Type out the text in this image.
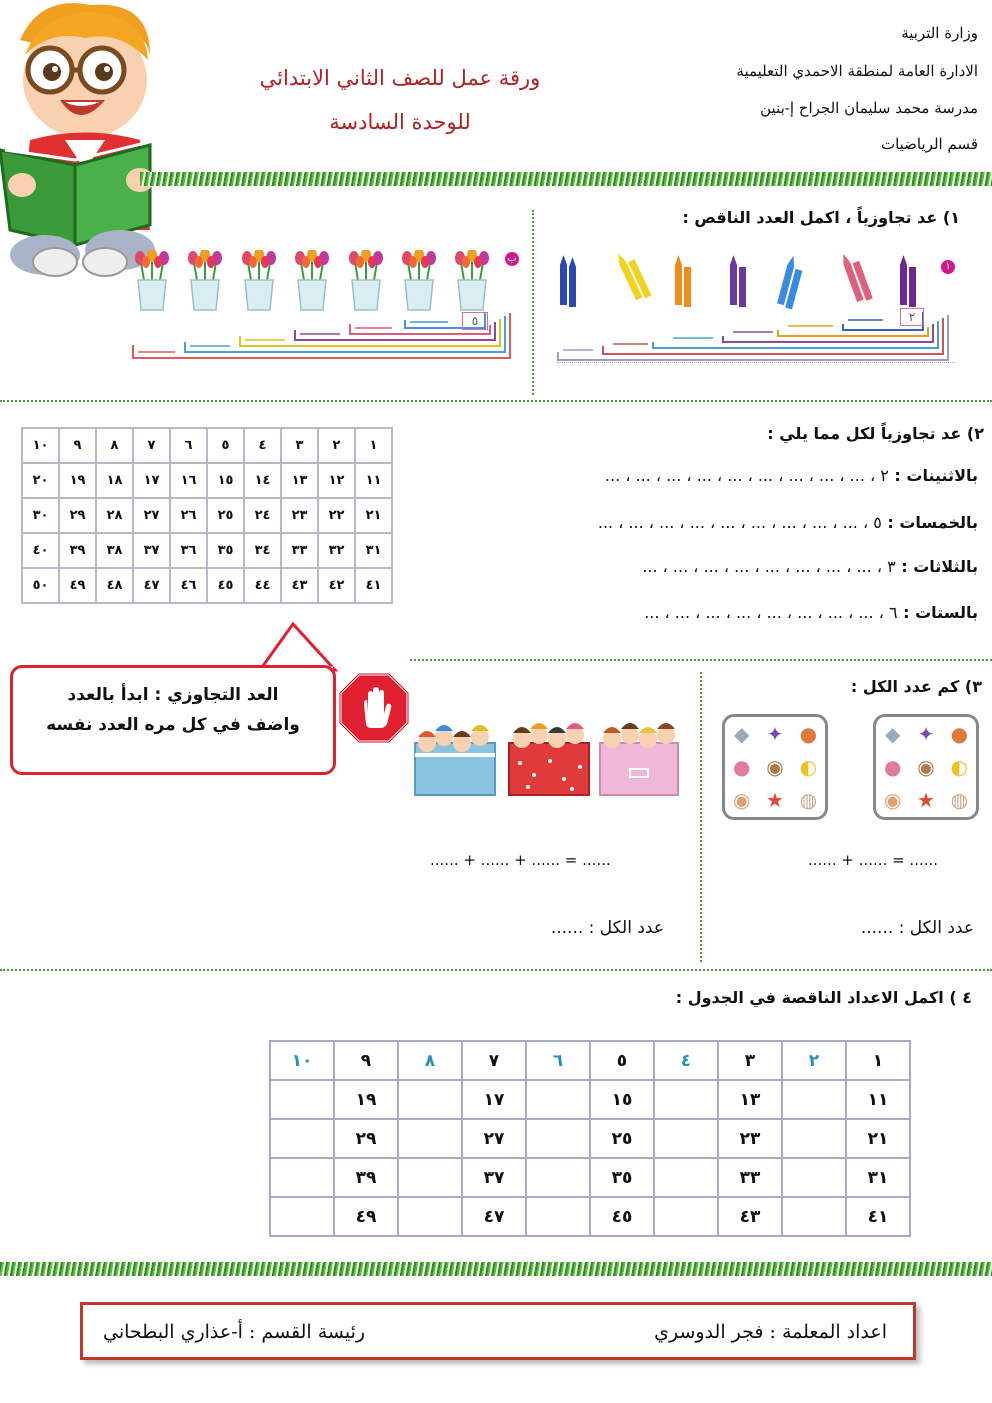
وزارة التربية
الادارة العامة لمنطقة الاحمدي التعليمية
مدرسة محمد سليمان الجراح إ-بنين
قسم الرياضيات
ورقة عمل للصف الثاني الابتدائي
للوحدة السادسة
١) عد تجاوزياً ، اكمل العدد الناقص :
١
٢
ب
٥
٢) عد تجاوزياً لكل مما يلي :
بالاثنينات : ٢ ، ... ، ... ، ... ، ... ، ... ، ... ، ... ، ... ، ...
بالخمسات : ٥ ، ... ، ... ، ... ، ... ، ... ، ... ، ... ، ... ، ...
بالثلاثات : ٣ ، ... ، ... ، ... ، ... ، ... ، ... ، ... ، ...
بالستات : ٦ ، ... ، ... ، ... ، ... ، ... ، ... ، ... ، ...
١	٢	٣	٤	٥	٦	٧	٨	٩	١٠
١١	١٢	١٣	١٤	١٥	١٦	١٧	١٨	١٩	٢٠
٢١	٢٢	٢٣	٢٤	٢٥	٢٦	٢٧	٢٨	٢٩	٣٠
٣١	٣٢	٣٣	٣٤	٣٥	٣٦	٣٧	٣٨	٣٩	٤٠
٤١	٤٢	٤٣	٤٤	٤٥	٤٦	٤٧	٤٨	٤٩	٥٠
العد التجاوزي : ابدأ بالعدد
واضف في كل مره العدد نفسه
٣) كم عدد الكل :
●
✦
◆
◐
◉
●
◍
★
◉
●
✦
◆
◐
◉
●
◍
★
◉
...... + ...... = ......
...... + ...... + ...... = ......
عدد الكل : ......
عدد الكل : ......
٤ ) اكمل الاعداد الناقصة في الجدول :
١	٢	٣	٤	٥	٦	٧	٨	٩	١٠
١١		١٣		١٥		١٧		١٩	
٢١		٢٣		٢٥		٢٧		٢٩	
٣١		٣٣		٣٥		٣٧		٣٩	
٤١		٤٣		٤٥		٤٧		٤٩	
اعداد المعلمة : فجر الدوسري
رئيسة القسم : أ-عذاري البطحاني
